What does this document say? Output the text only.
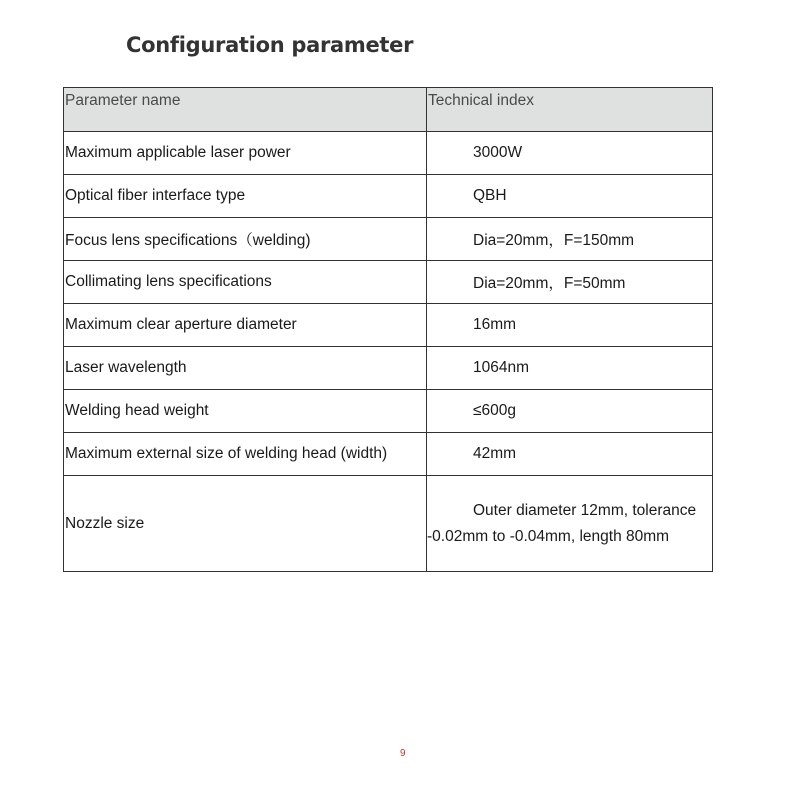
Configuration parameter
Parameter name	Technical index
Maximum applicable laser power	3000W
Optical fiber interface type	QBH
Focus lens specifications（welding)	Dia=20mm，F=150mm
Collimating lens specifications	Dia=20mm，F=50mm
Maximum clear aperture diameter	16mm
Laser wavelength	1064nm
Welding head weight	≤600g
Maximum external size of welding head (width)	42mm
Nozzle size	Outer diameter 12mm, tolerance -0.02mm to -0.04mm, length 80mm
9
